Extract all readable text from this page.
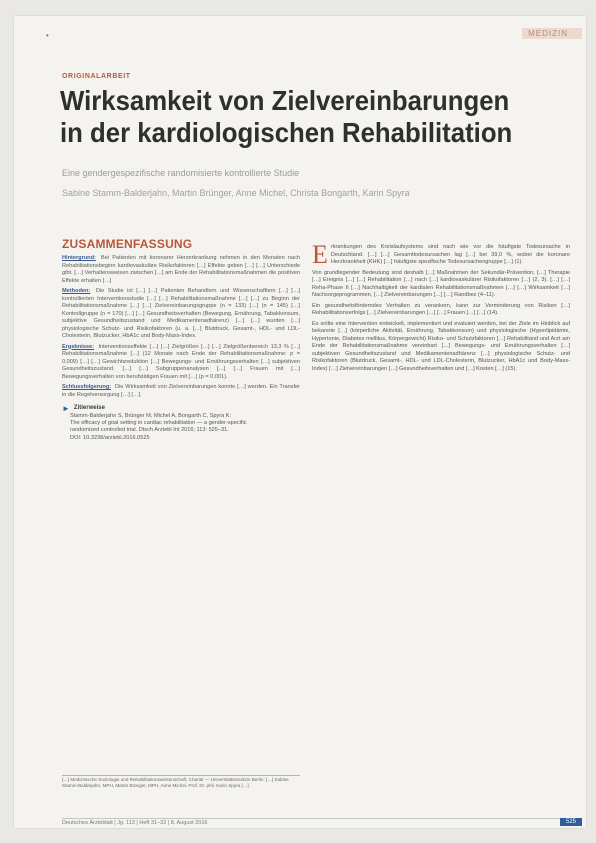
•	MEDIZIN
ORIGINALARBEIT
Wirksamkeit von Zielvereinbarungen in der kardiologischen Rehabilitation
Eine gendergespezifische randomisierte kontrollierte Studie
Sabine Stamm-Balderjahn, Martin Brünger, Anne Michel, Christa Bongarth, Karin Spyra
ZUSAMMENFASSUNG

Hintergrund: Bei Patienten mit koronarer Herzerkrankung nehmen in den Monaten nach Rehabilitationsbeginn kardiovaskuläre Risikofaktoren […] Effekte geben […] […] Unterschiede gibt. […] Verhaltensweisen zwischen […] am Ende der Rehabilitationsmaßnahmen die positiven Effekte erhalten […]

Methoden: Die Studie ist […] […] Patienten Behandlern und Wissenschaftlern […] […] kontrollierten Interventionsstudie […] […] Rehabilitationsmaßnahme […] […] zu Beginn der Rehabilitationsmaßnahme […] […] Zielvereinbarungsgruppe (n = 133) […] (n = 145) […] Kontrollgruppe (n = 170) […] […] Gesundheitsverhalten (Bewegung, Ernährung, Tabakkonsum, subjektive Gesundheitszustand und Medikamentenadhärenz) […] […] wurden […] physiologische Schutz- und Risikofaktoren (u. a. […] Blutdruck, Gesamt-, HDL- und LDL-Cholesterin, Blutzucker, HbA1c und Body-Mass-Index.

Ergebnisse: Interventionseffekte […] […] Zielgrößen […] […] Zielgrößenbereich 13,3 % […] Rehabilitationsmaßnahme […] (12 Monate nach Ende der Rehabilitationsmaßnahme: p = 0,009) […] […] Gewichtsreduktion […] Bewegungs- und Ernährungsverhalten […] subjektiven Gesundheitszustand. […] […] Subgruppenanalysen […] […] Frauen mit […] Bewegungsverhalten von berufstätigen Frauen mit […] (p = 0,001).

Schlussfolgerung: Die Wirksamkeit von Zielvereinbarungen konnte […] werden. Ein Transfer in die Regelversorgung […] […].

► Zitierweise
Stamm-Balderjahn S, Brünger M, Michel A, Bongarth C, Spyra K:
The efficacy of goal setting in cardiac rehabilitation — a gender-specific
randomized controlled trial. Dtsch Arztebl Int 2016; 113: 525–31.
DOI: 10.3238/arztebl.2016.0525
[…] Medizinische Soziologie und Rehabilitationswissenschaft, Charité — Universitätsmedizin Berlin: […] Sabine Stamm-Balderjahn, MPH, Martin Brünger, MPH, Anne Michel, Prof. Dr. phil. Karin Spyra […]

E rkrankungen des Kreislaufsystems sind nach wie vor die häufigste Todesursache in Deutschland. […] […] Gesamttodesursachen lag […] bei 39,0 %, wobei die koronare Herzkrankheit (KHK) […] häufigste spezifische Todesursachengruppe […] (1).

Von grundlegender Bedeutung sind deshalb […] Maßnahmen der Sekundär-Prävention, […] Therapie […] Ereignis […] […] Rehabilitation […] nach […] kardiovaskulärer Risikofaktoren […] (2, 3). […] […] Reha-Phase II […] Nachhaltigkeit der kardialen Rehabilitationsmaßnahmen […] […] Wirksamkeit […] Nachsorgeprogrammen, […] Zielvereinbarungen […] […] Randbez (4–11).

Ein gesundheitsförderndes Verhalten zu verankern, kann zur Verminderung von Risiken […] Rehabilitationserfolgs […] Zielvereinbarungen […] […] Frauen […] […] (14).

Es sollte eine Intervention entwickelt, implementiert und evaluiert werden, bei der Ziele im Hinblick auf bekannte […] (körperliche Aktivität, Ernährung, Tabakkonsum) und physiologische (Hyperlipidämie, Hypertonie, Diabetes mellitus, Körpergewicht) Risiko- und Schutzfaktoren […] Rehabilitand und Arzt am Ende der Rehabilitationsmaßnahme vereinbart […] Bewegungs- und Ernährungsverhalten […] subjektiven Gesundheitszustand und Medikamentenadhärenz […] physiologische Schutz- und Risikofaktoren (Blutdruck, Gesamt-, HDL- und LDL-Cholesterin, Blutzucker, HbA1c und Body-Mass-Index) […] Zielvereinbarungen […] Gesundheitsverhalten und […] Kosten […] (15).

Deutsches Ärzteblatt | Jg. 113 | Heft 31–32 | 8. August 2016	525
